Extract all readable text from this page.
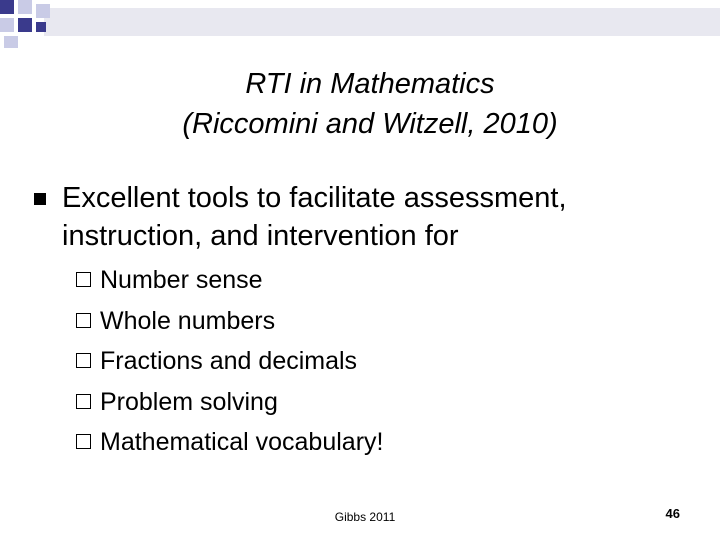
RTI in Mathematics
(Riccomini and Witzell, 2010)
Excellent tools to facilitate assessment,
instruction, and intervention for
Number sense
Whole numbers
Fractions and decimals
Problem solving
Mathematical vocabulary!
Gibbs 2011	46
